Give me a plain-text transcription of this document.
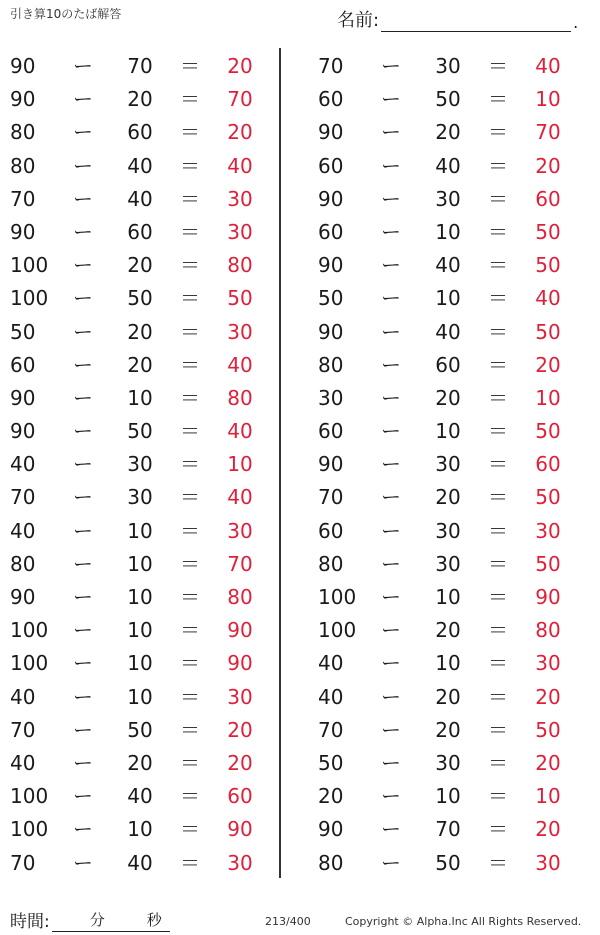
引き算10のたば解答	名前:	.
90	ー	70	＝	20
90	ー	20	＝	70
80	ー	60	＝	20
80	ー	40	＝	40
70	ー	40	＝	30
90	ー	60	＝	30
100 ー	20	＝	80
100 ー	50	＝	50
50	ー	20	＝	30
60	ー	20	＝	40
90	ー	10	＝	80
90	ー	50	＝	40
40	ー	30	＝	10
70	ー	30	＝	40
40	ー	10	＝	30
80	ー	10	＝	70
90	ー	10	＝	80
100 ー	10	＝	90
100 ー	10	＝	90
40	ー	10	＝	30
70	ー	50	＝	20
40	ー	20	＝	20
100 ー	40	＝	60
100 ー	10	＝	90
70	ー	40	＝	30
70	ー	30	＝	40
60	ー	50	＝	10
90	ー	20	＝	70
60	ー	40	＝	20
90	ー	30	＝	60
60	ー	10	＝	50
90	ー	40	＝	50
50	ー	10	＝	40
90	ー	40	＝	50
80	ー	60	＝	20
30	ー	20	＝	10
60	ー	10	＝	50
90	ー	30	＝	60
70	ー	20	＝	50
60	ー	30	＝	30
80	ー	30	＝	50
100 ー	10	＝	90
100 ー	20	＝	80
40	ー	10	＝	30
40	ー	20	＝	20
70	ー	20	＝	50
50	ー	30	＝	20
20	ー	10	＝	10
90	ー	70	＝	20
80	ー	50	＝	30
時間:	分	秒	213/400	Copyright © Alpha.Inc All Rights Reserved.
